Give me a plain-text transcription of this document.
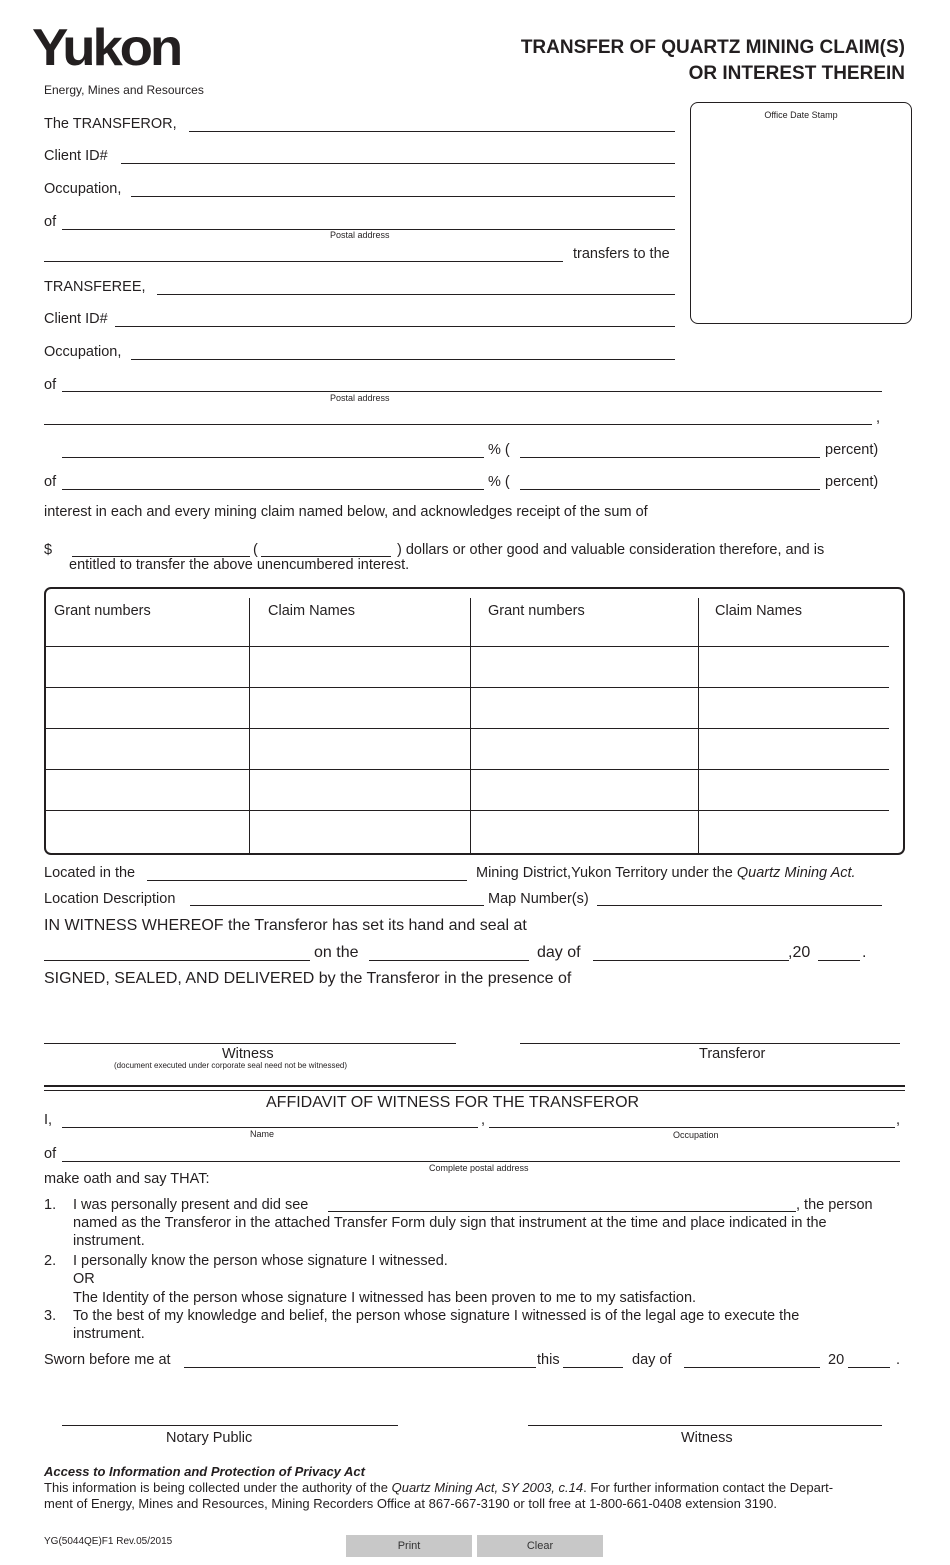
Yukon
Energy, Mines and Resources
TRANSFER OF QUARTZ MINING CLAIM(S)
OR INTEREST THEREIN
Office Date Stamp
The TRANSFEROR,
Client ID#
Occupation,
of
Postal address
transfers to the
TRANSFEREE,
Client ID#
Occupation,
of
Postal address
,
% (	percent)
of	% (	percent)
interest in each and every mining claim named below, and acknowledges receipt of the sum of
$	(	) dollars or other good and valuable consideration therefore, and is
entitled to transfer the above unencumbered interest.
Grant numbers	Claim Names	Grant numbers	Claim Names
Located in the	Mining District,Yukon Territory under the Quartz Mining Act.
Location Description	Map Number(s)
IN WITNESS WHEREOF the Transferor has set its hand and seal at
on the	day of	,20	.
SIGNED, SEALED, AND DELIVERED by the Transferor in the presence of
Witness
(document executed under corporate seal need not be witnessed)
Transferor
AFFIDAVIT OF WITNESS FOR THE TRANSFEROR
I,	,	,
Name	Occupation
of
Complete postal address
make oath and say THAT:
1. I was personally present and did see	, the person
named as the Transferor in the attached Transfer Form duly sign that instrument at the time and place indicated in the
instrument.
2. I personally know the person whose signature I witnessed.
OR
The Identity of the person whose signature I witnessed has been proven to me to my satisfaction.
3. To the best of my knowledge and belief, the person whose signature I witnessed is of the legal age to execute the
instrument.
Sworn before me at	this	day of	20	.
Notary Public	Witness
Access to Information and Protection of Privacy Act
This information is being collected under the authority of the Quartz Mining Act, SY 2003, c.14. For further information contact the Depart-
ment of Energy, Mines and Resources, Mining Recorders Office at 867-667-3190 or toll free at 1-800-661-0408 extension 3190.
YG(5044QE)F1 Rev.05/2015	Print	Clear
